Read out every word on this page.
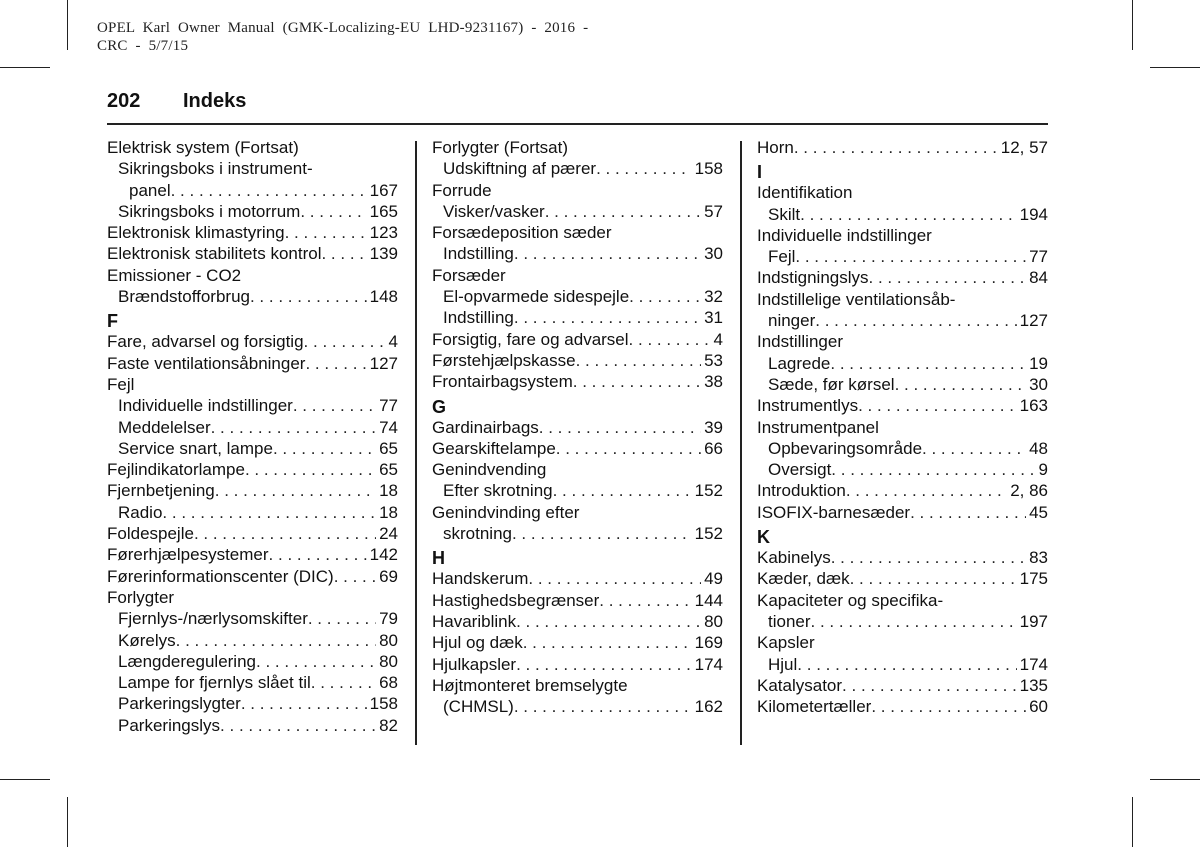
OPEL  Karl  Owner  Manual  (GMK-Localizing-EU  LHD-9231167)  -  2016  -
CRC  -  5/7/15
202 Indeks
Elektrisk system (Fortsat)
Sikringsboks i instrument-
panel . . .	167
Sikringsboks i motorrum . . .	165
Elektronisk klimastyring . . .	123
Elektronisk stabilitets kontrol . . .	139
Emissioner - CO2
Brændstofforbrug . . .	148
F
Fare, advarsel og forsigtig . . .	4
Faste ventilationsåbninger . . .	127
Fejl
Individuelle indstillinger . . .	77
Meddelelser . . .	74
Service snart, lampe . . .	65
Fejlindikatorlampe . . .	65
Fjernbetjening . . .	18
Radio . . .	18
Foldespejle . . .	24
Førerhjælpesystemer . . .	142
Førerinformationscenter (DIC) . . .	69
Forlygter
Fjernlys-/nærlysomskifter . . .	79
Kørelys . . .	80
Længderegulering . . .	80
Lampe for fjernlys slået til . . .	68
Parkeringslygter . . .	158
Parkeringslys . . .	82
Forlygter (Fortsat)
Udskiftning af pærer . . .	158
Forrude
Visker/vasker . . .	57
Forsædeposition sæder
Indstilling . . .	30
Forsæder
El-opvarmede sidespejle . . .	32
Indstilling . . .	31
Forsigtig, fare og advarsel . . .	4
Førstehjælpskasse . . .	53
Frontairbagsystem . . .	38
G
Gardinairbags . . .	39
Gearskiftelampe . . .	66
Genindvending
Efter skrotning . . .	152
Genindvinding efter
skrotning . . .	152
H
Handskerum . . .	49
Hastighedsbegrænser . . .	144
Havariblink . . .	80
Hjul og dæk . . .	169
Hjulkapsler . . .	174
Højtmonteret bremselygte
(CHMSL) . . .	162
Horn . . .	12, 57
I
Identifikation
Skilt . . .	194
Individuelle indstillinger
Fejl . . .	77
Indstigningslys . . .	84
Indstillelige ventilationsåb-
ninger . . .	127
Indstillinger
Lagrede . . .	19
Sæde, før kørsel . . .	30
Instrumentlys . . .	163
Instrumentpanel
Opbevaringsområde . . .	48
Oversigt . . .	9
Introduktion . . .	2, 86
ISOFIX-barnesæder . . .	45
K
Kabinelys . . .	83
Kæder, dæk . . .	175
Kapaciteter og specifika-
tioner . . .	197
Kapsler
Hjul . . .	174
Katalysator . . .	135
Kilometertæller . . .	60
